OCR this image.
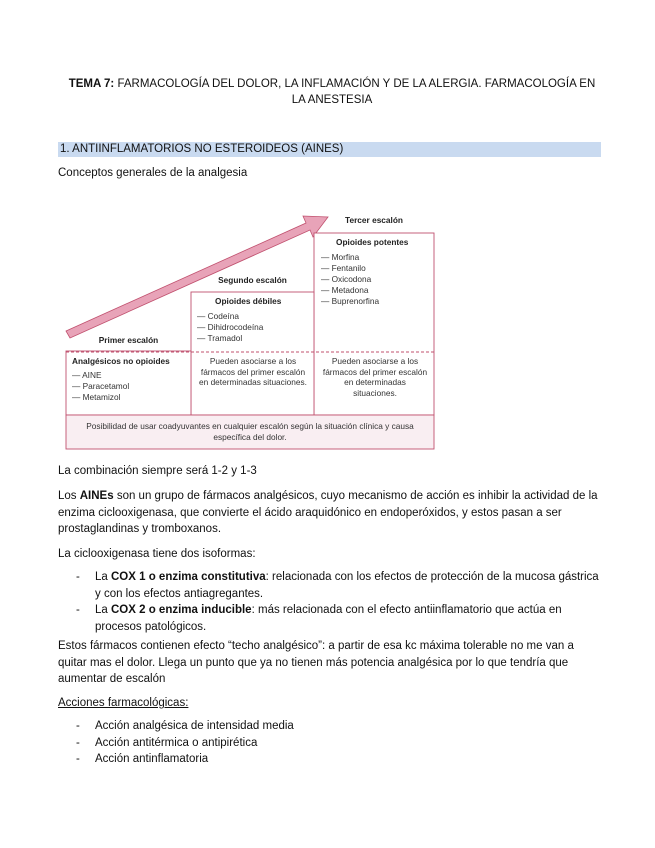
TEMA 7: FARMACOLOGÍA DEL DOLOR, LA INFLAMACIÓN Y DE LA ALERGIA. FARMACOLOGÍA EN LA ANESTESIA
1. ANTIINFLAMATORIOS NO ESTEROIDEOS (AINES)
Conceptos generales de la analgesia
Tercer escalón
Opioides potentes
— Morfina
— Fentanilo
— Oxicodona
— Metadona
— Buprenorfina
Pueden asociarse a los fármacos del primer escalón en determinadas situaciones.
Segundo escalón
Opioides débiles
— Codeína
— Dihidrocodeína
— Tramadol
Pueden asociarse a los fármacos del primer escalón en determinadas situaciones.
Primer escalón
Analgésicos no opioides
— AINE
— Paracetamol
— Metamizol
Posibilidad de usar coadyuvantes en cualquier escalón según la situación clínica y causa específica del dolor.
La combinación siempre será 1-2 y 1-3
Los AINEs son un grupo de fármacos analgésicos, cuyo mecanismo de acción es inhibir la actividad de la enzima ciclooxigenasa, que convierte el ácido araquidónico en endoperóxidos, y estos pasan a ser prostaglandinas y tromboxanos.
La ciclooxigenasa tiene dos isoformas:
-	La COX 1 o enzima constitutiva: relacionada con los efectos de protección de la mucosa gástrica y con los efectos antiagregantes.
-	La COX 2 o enzima inducible: más relacionada con el efecto antiinflamatorio que actúa en procesos patológicos.
Estos fármacos contienen efecto “techo analgésico”: a partir de esa kc máxima tolerable no me van a quitar mas el dolor. Llega un punto que ya no tienen más potencia analgésica por lo que tendría que aumentar de escalón
Acciones farmacológicas:
-	Acción analgésica de intensidad media
-	Acción antitérmica o antipirética
-	Acción antinflamatoria
